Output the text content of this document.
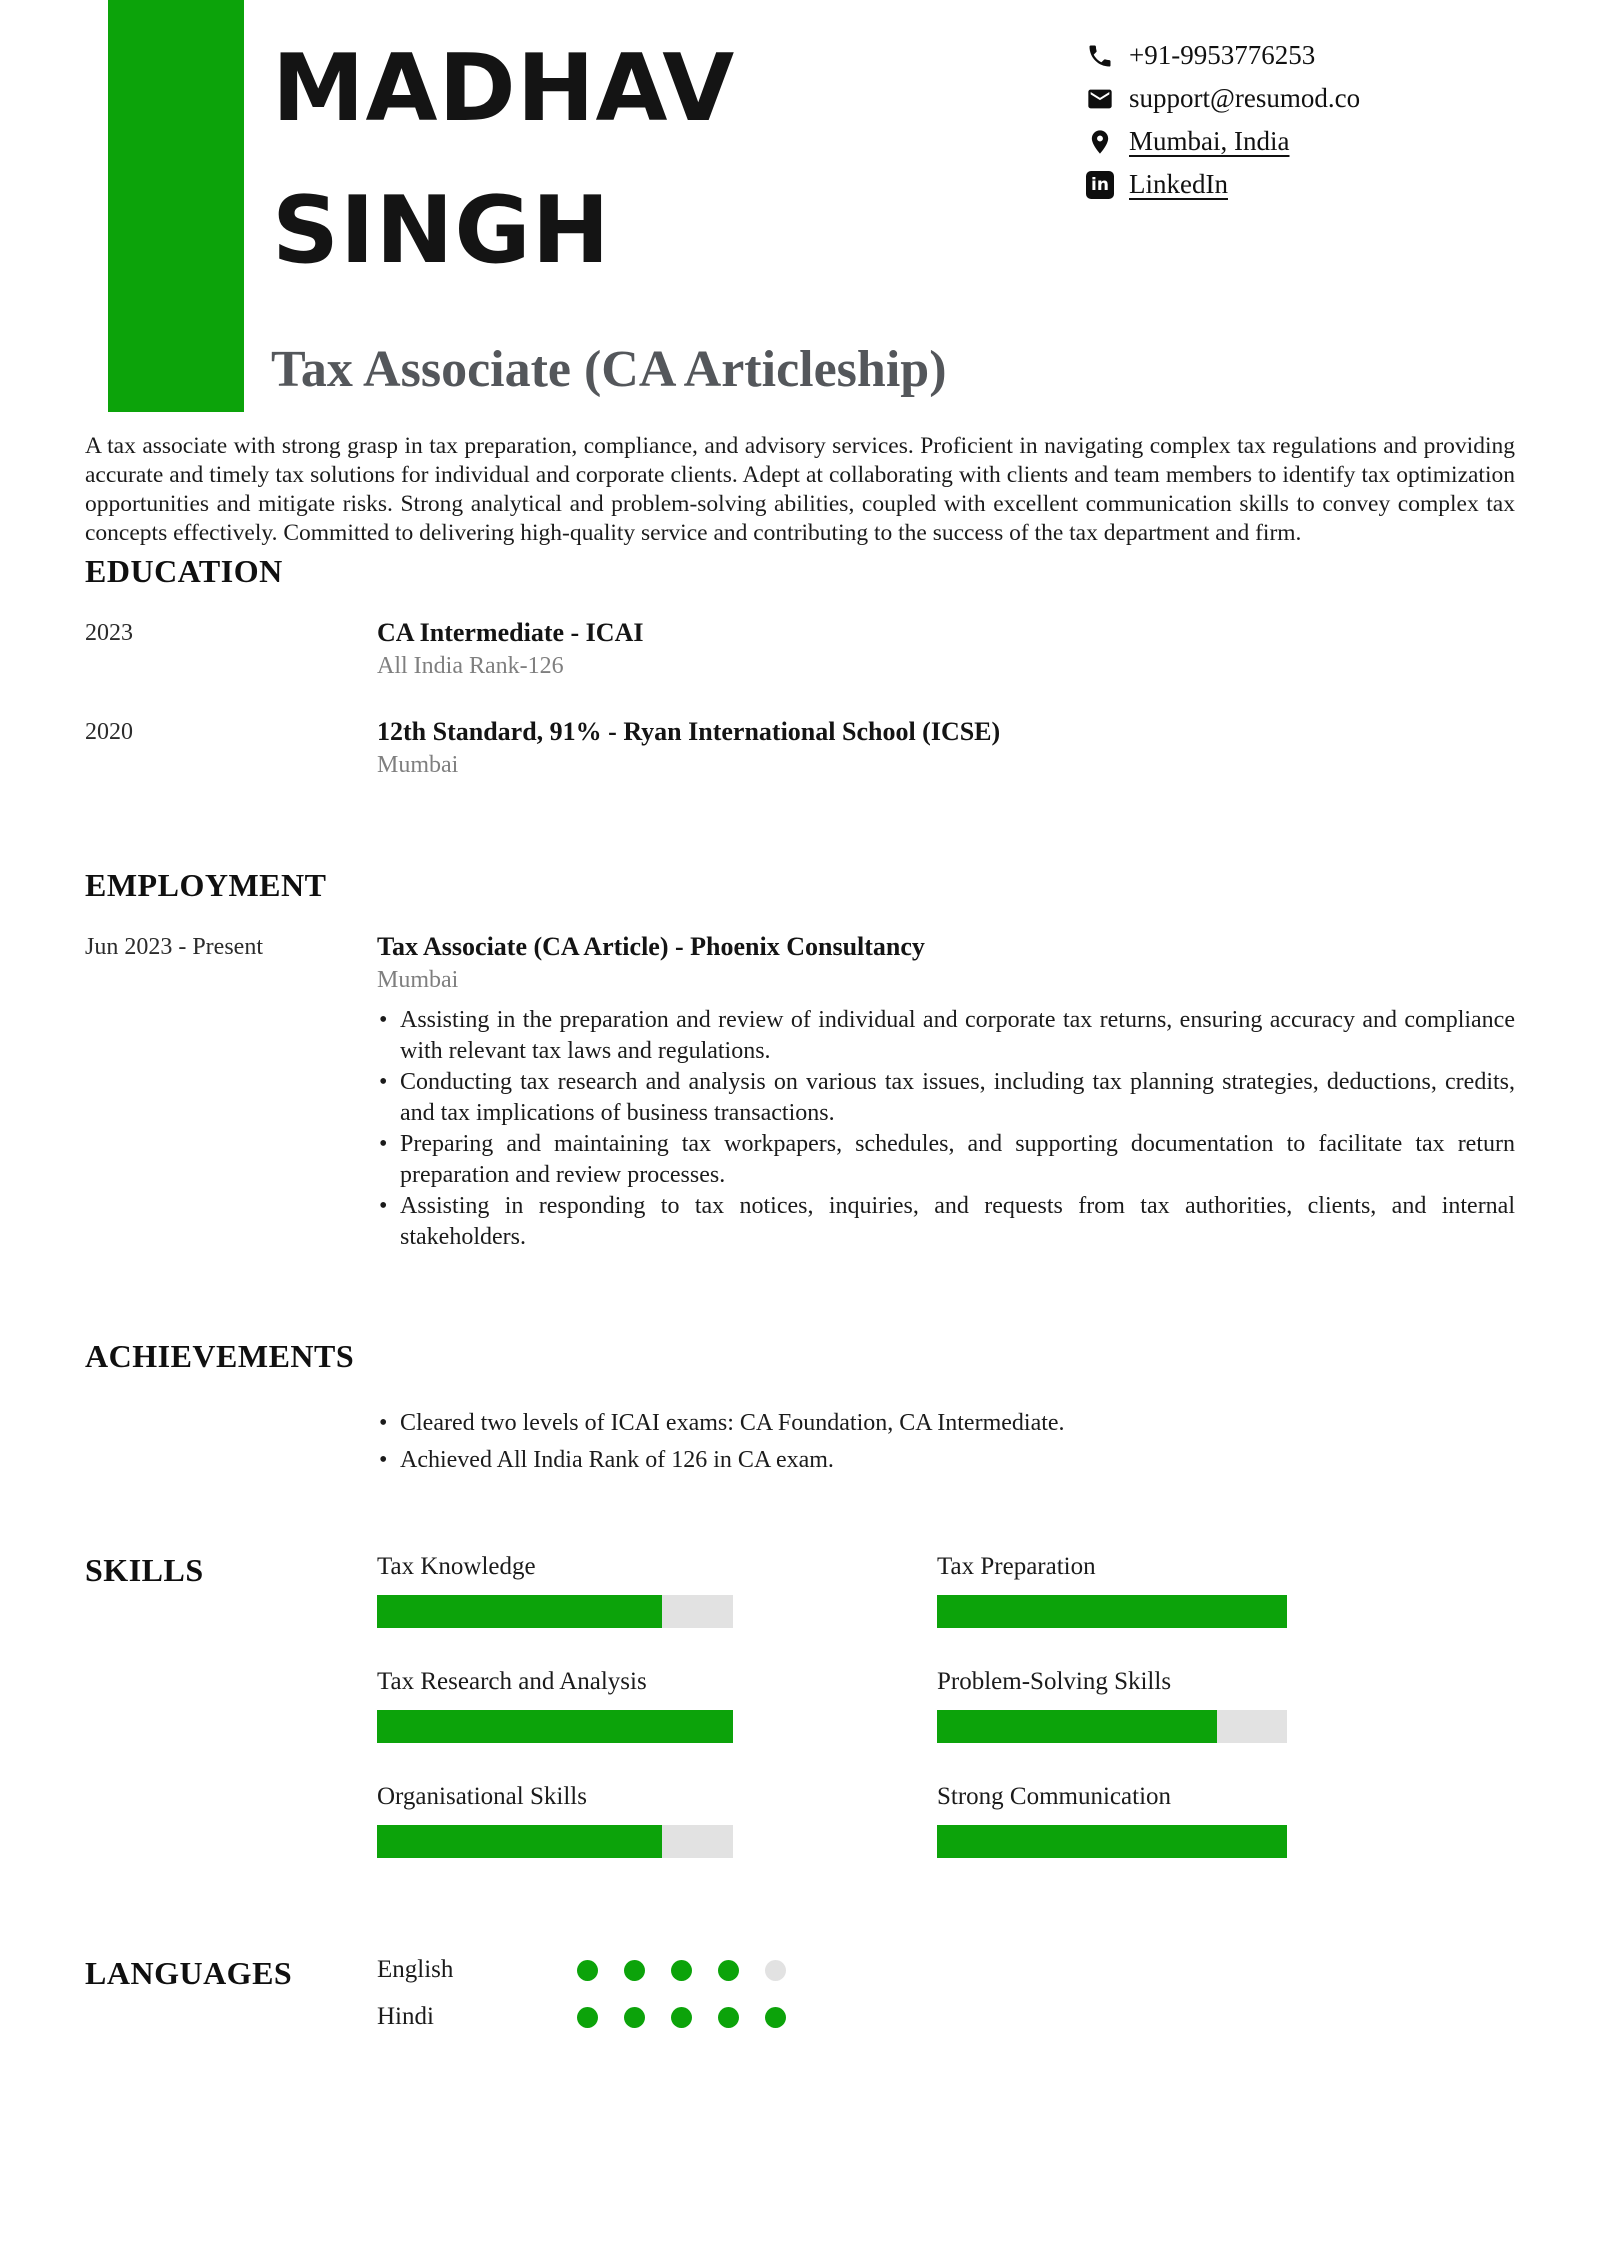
MADHAV
SINGH
Tax Associate (CA Articleship)
+91-9953776253
support@resumod.co
Mumbai, India
in LinkedIn

A tax associate with strong grasp in tax preparation, compliance, and advisory services. Proficient in navigating complex tax regulations and providing accurate and timely tax solutions for individual and corporate clients. Adept at collaborating with clients and team members to identify tax optimization opportunities and mitigate risks. Strong analytical and problem-solving abilities, coupled with excellent communication skills to convey complex tax concepts effectively. Committed to delivering high-quality service and contributing to the success of the tax department and firm.

EDUCATION
2023	CA Intermediate - ICAI
All India Rank-126
2020	12th Standard, 91% - Ryan International School (ICSE)
Mumbai
EMPLOYMENT
Jun 2023 - Present	Tax Associate (CA Article) - Phoenix Consultancy
Mumbai
• Assisting in the preparation and review of individual and corporate tax returns, ensuring accuracy and compliance with relevant tax laws and regulations.
• Conducting tax research and analysis on various tax issues, including tax planning strategies, deductions, credits, and tax implications of business transactions.
• Preparing and maintaining tax workpapers, schedules, and supporting documentation to facilitate tax return preparation and review processes.
• Assisting in responding to tax notices, inquiries, and requests from tax authorities, clients, and internal stakeholders.
ACHIEVEMENTS
• Cleared two levels of ICAI exams: CA Foundation, CA Intermediate.
• Achieved All India Rank of 126 in CA exam.
SKILLS	Tax Knowledge	Tax Preparation
Tax Research and Analysis	Problem-Solving Skills
Organisational Skills	Strong Communication
LANGUAGES	English
Hindi
